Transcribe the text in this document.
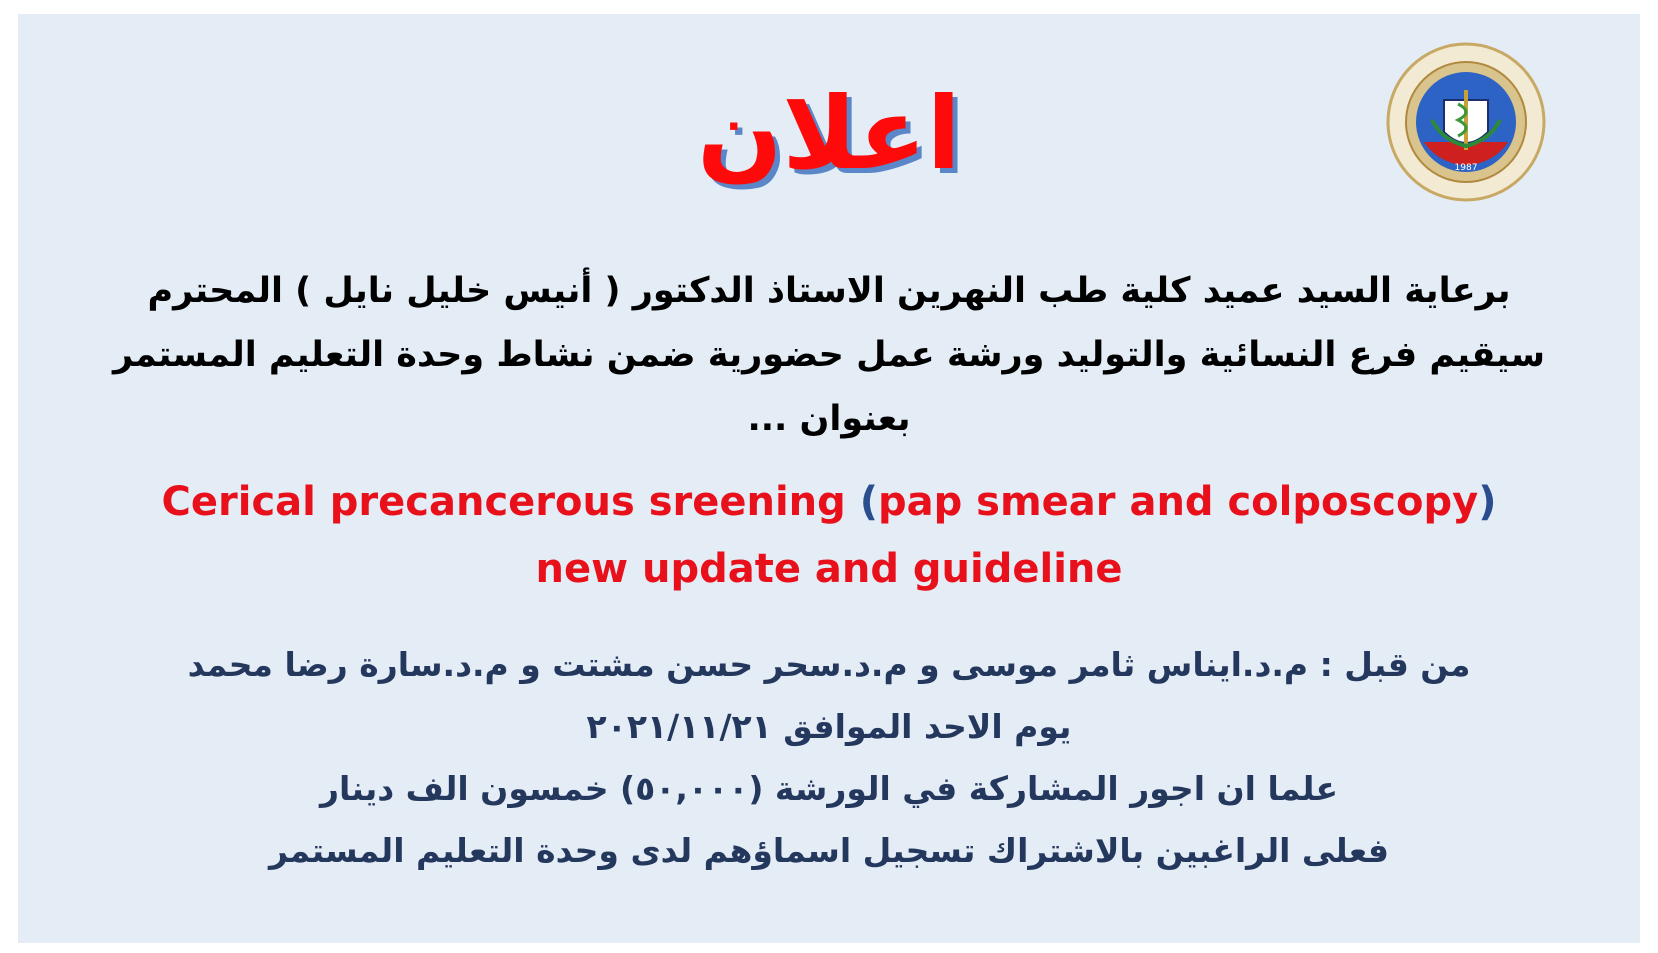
1987
اعلان
برعاية السيد عميد كلية طب النهرين الاستاذ الدكتور ( أنيس خليل نايل ) المحترم
سيقيم فرع النسائية والتوليد ورشة عمل حضورية ضمن نشاط وحدة التعليم المستمر
بعنوان ...
Cerical precancerous sreening (pap smear and colposcopy)
new update and guideline
من قبل : م.د.ايناس ثامر موسى و م.د.سحر حسن مشتت و م.د.سارة رضا محمد
يوم الاحد الموافق ٢٠٢١/١١/٢١
علما ان اجور المشاركة في الورشة (٥٠,٠٠٠) خمسون الف دينار
فعلى الراغبين بالاشتراك تسجيل اسماؤهم لدى وحدة التعليم المستمر
